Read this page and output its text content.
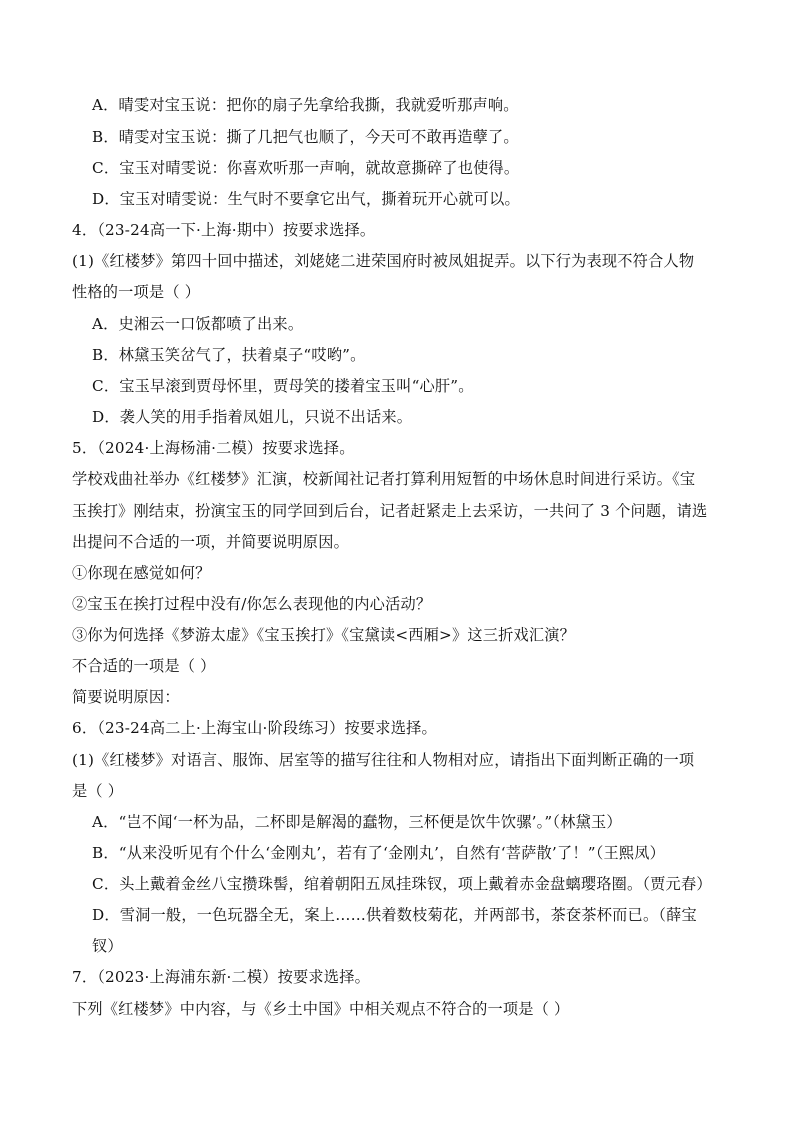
A．晴雯对宝玉说：把你的扇子先拿给我撕，我就爱听那声响。
B．晴雯对宝玉说：撕了几把气也顺了，今天可不敢再造孽了。
C．宝玉对晴雯说：你喜欢听那一声响，就故意撕碎了也使得。
D．宝玉对晴雯说：生气时不要拿它出气，撕着玩开心就可以。
4．（23-24高一下·上海·期中）按要求选择。
(1)《红楼梦》第四十回中描述，刘姥姥二进荣国府时被凤姐捉弄。以下行为表现不符合人物
性格的一项是（ ）
A．史湘云一口饭都喷了出来。
B．林黛玉笑岔气了，扶着桌子“哎哟”。
C．宝玉早滚到贾母怀里，贾母笑的搂着宝玉叫“心肝”。
D．袭人笑的用手指着凤姐儿，只说不出话来。
5．（2024·上海杨浦·二模）按要求选择。
学校戏曲社举办《红楼梦》汇演，校新闻社记者打算利用短暂的中场休息时间进行采访。《宝
玉挨打》刚结束，扮演宝玉的同学回到后台，记者赶紧走上去采访，一共问了 3 个问题，请选
出提问不合适的一项，并简要说明原因。
①你现在感觉如何？
②宝玉在挨打过程中没有/你怎么表现他的内心活动？
③你为何选择《梦游太虚》《宝玉挨打》《宝黛读<西厢>》这三折戏汇演？
不合适的一项是（ ）
简要说明原因：
6．（23-24高二上·上海宝山·阶段练习）按要求选择。
(1)《红楼梦》对语言、服饰、居室等的描写往往和人物相对应，请指出下面判断正确的一项
是（ ）
A．“岂不闻‘一杯为品，二杯即是解渴的蠢物，三杯便是饮牛饮骡’。”（林黛玉）
B．“从来没听见有个什么‘金刚丸’，若有了‘金刚丸’，自然有‘菩萨散’了！”（王熙凤）
C．头上戴着金丝八宝攒珠髻，绾着朝阳五凤挂珠钗，项上戴着赤金盘螭璎珞圈。（贾元春）
D．雪洞一般，一色玩器全无，案上……供着数枝菊花，并两部书，茶奁茶杯而已。（薛宝
钗）
7．（2023·上海浦东新·二模）按要求选择。
下列《红楼梦》中内容，与《乡土中国》中相关观点不符合的一项是（ ）
